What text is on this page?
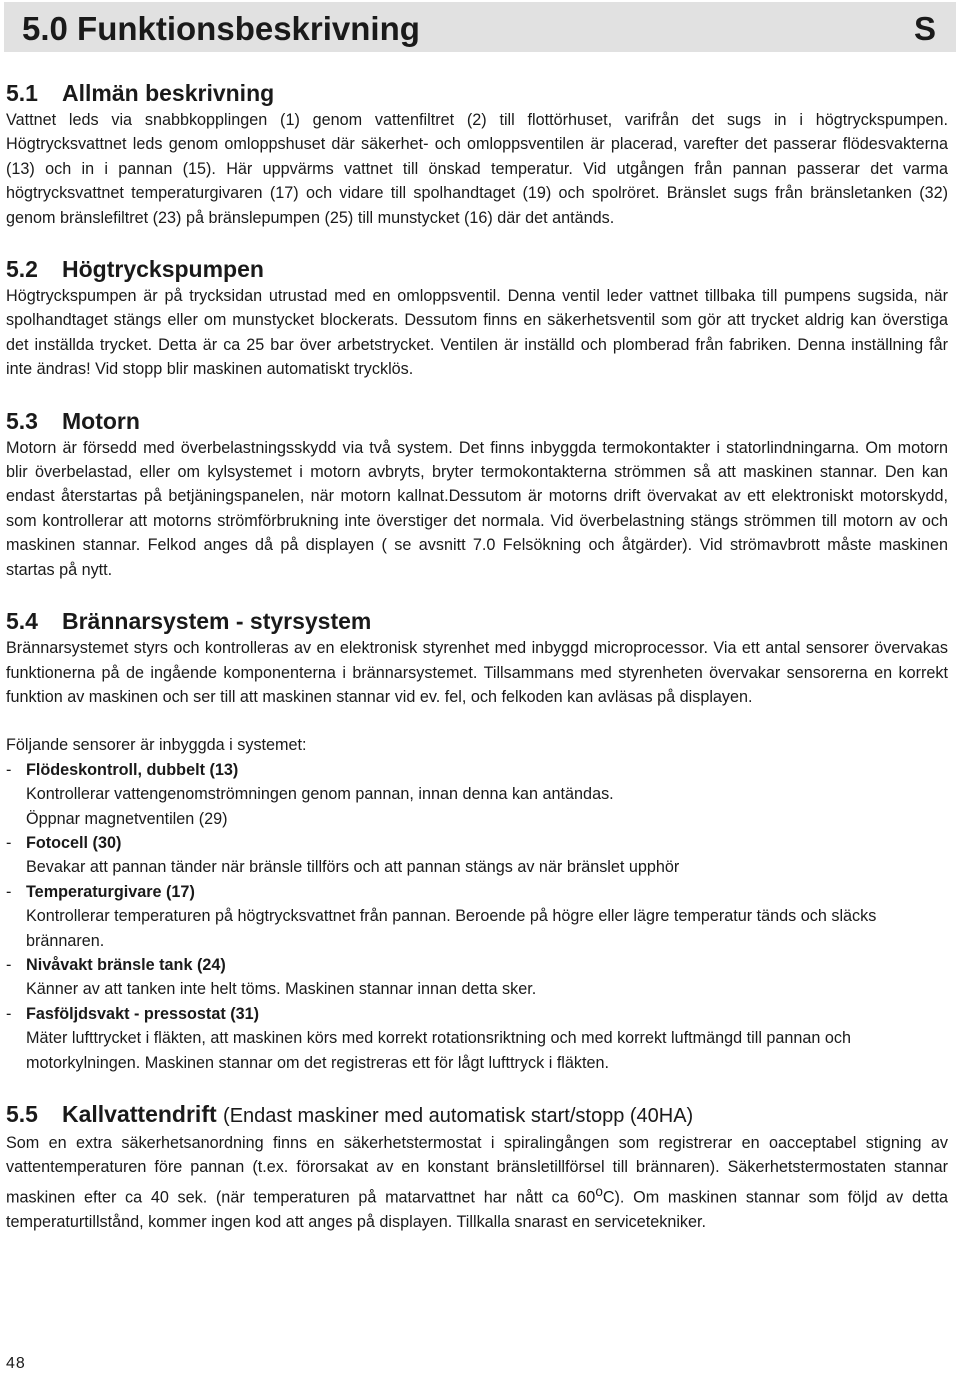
5.0 Funktionsbeskrivning	S
5.1 Allmän beskrivning

Vattnet leds via snabbkopplingen (1) genom vattenfiltret (2) till flottörhuset, varifrån det sugs in i högtryckspumpen. Högtrycksvattnet leds genom omloppshuset där säkerhet- och omloppsventilen är placerad, varefter det passerar flödesvakterna (13) och in i pannan (15). Här uppvärms vattnet till önskad temperatur. Vid utgången från pannan passerar det varma högtrycksvattnet temperaturgivaren (17) och vidare till spolhandtaget (19) och spolröret. Bränslet sugs från bränsletanken (32) genom bränslefiltret (23) på bränslepumpen (25) till munstycket (16) där det antänds.

5.2 Högtryckspumpen

Högtryckspumpen är på trycksidan utrustad med en omloppsventil. Denna ventil leder vattnet tillbaka till pumpens sugsida, när spolhandtaget stängs eller om munstycket blockerats. Dessutom finns en säkerhetsventil som gör att trycket aldrig kan överstiga det inställda trycket. Detta är ca 25 bar över arbetstrycket. Ventilen är inställd och plomberad från fabriken. Denna inställning får inte ändras! Vid stopp blir maskinen automatiskt trycklös.

5.3 Motorn

Motorn är försedd med överbelastningsskydd via två system. Det finns inbyggda termokontakter i statorlindningarna. Om motorn blir överbelastad, eller om kylsystemet i motorn avbryts, bryter termokontakterna strömmen så att maskinen stannar. Den kan endast återstartas på betjäningspanelen, när motorn kallnat.Dessutom är motorns drift övervakat av ett elektroniskt motorskydd, som kontrollerar att motorns strömförbrukning inte överstiger det normala. Vid överbelastning stängs strömmen till motorn av och maskinen stannar. Felkod anges då på displayen ( se avsnitt 7.0 Felsökning och åtgärder). Vid strömavbrott måste maskinen startas på nytt.

5.4 Brännarsystem - styrsystem

Brännarsystemet styrs och kontrolleras av en elektronisk styrenhet med inbyggd microprocessor. Via ett antal sensorer övervakas funktionerna på de ingående komponenterna i brännarsystemet. Tillsammans med styrenheten övervakar sensorerna en korrekt funktion av maskinen och ser till att maskinen stannar vid ev. fel, och felkoden kan avläsas på displayen.

Följande sensorer är inbyggda i systemet:

- Flödeskontroll, dubbelt (13)
Kontrollerar vattengenomströmningen genom pannan, innan denna kan antändas.
Öppnar magnetventilen (29)
- Fotocell (30)
Bevakar att pannan tänder när bränsle tillförs och att pannan stängs av när bränslet upphör
- Temperaturgivare (17)
Kontrollerar temperaturen på högtrycksvattnet från pannan. Beroende på högre eller lägre temperatur tänds och släcks brännaren.
- Nivåvakt bränsle tank (24)
Känner av att tanken inte helt töms. Maskinen stannar innan detta sker.
- Fasföljdsvakt - pressostat (31)
Mäter lufttrycket i fläkten, att maskinen körs med korrekt rotationsriktning och med korrekt luftmängd till pannan och motorkylningen. Maskinen stannar om det registreras ett för lågt lufttryck i fläkten.
5.5 Kallvattendrift (Endast maskiner med automatisk start/stopp (40HA)

Som en extra säkerhetsanordning finns en säkerhetstermostat i spiralingången som registrerar en oacceptabel stigning av vattentemperaturen före pannan (t.ex. förorsakat av en konstant bränsletillförsel till brännaren). Säkerhetstermostaten stannar maskinen efter ca 40 sek. (när temperaturen på matarvattnet har nått ca 60$^o$C). Om maskinen stannar som följd av detta temperaturtillstånd, kommer ingen kod att anges på displayen. Tillkalla snarast en servicetekniker.

48
